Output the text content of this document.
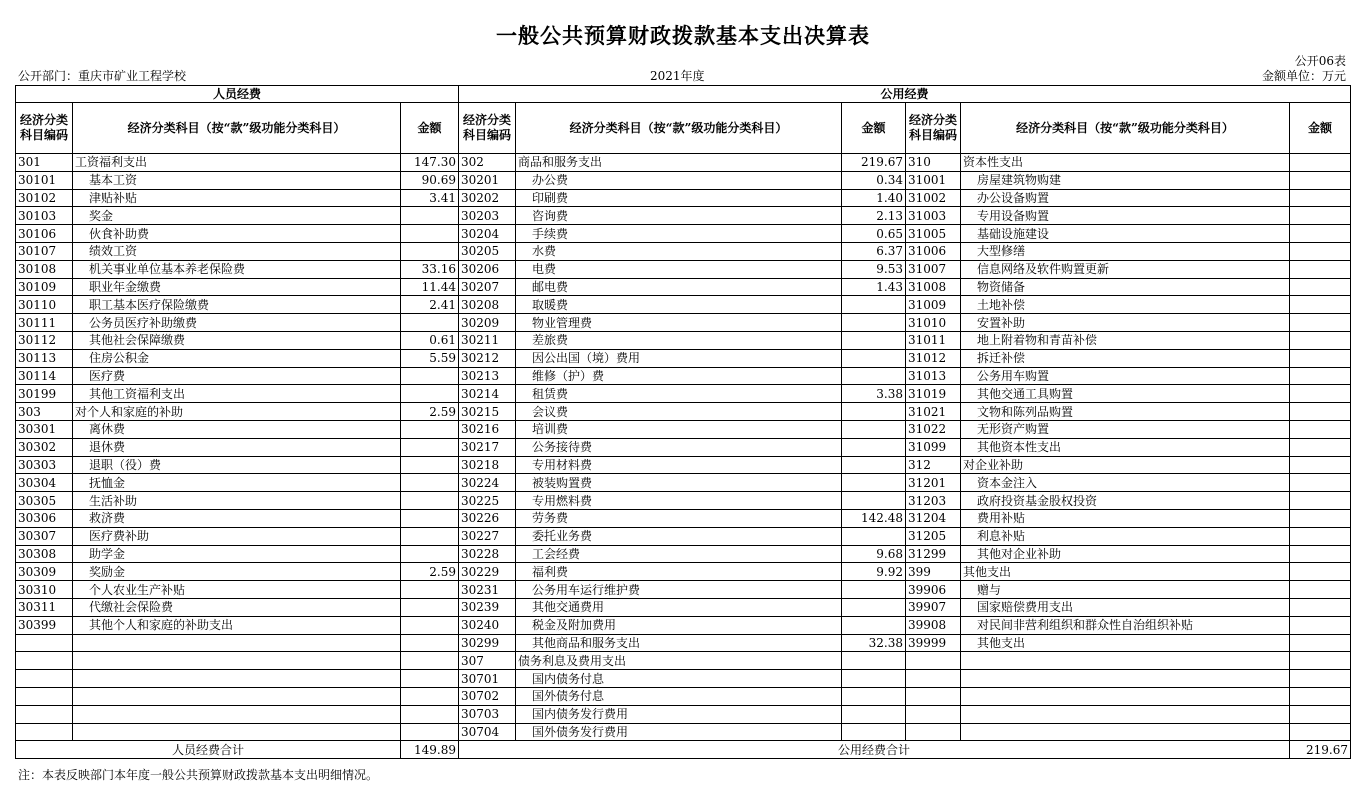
一般公共预算财政拨款基本支出决算表
公开06表
公开部门：重庆市矿业工程学校	2021年度	金额单位：万元
人员经费			公用经费					
经济分类科目编码	经济分类科目（按“款”级功能分类科目）	金额	经济分类科目编码	经济分类科目（按“款”级功能分类科目）	金额	经济分类科目编码	经济分类科目（按“款”级功能分类科目）	金额
301	工资福利支出	147.30	302	商品和服务支出	219.67	310	资本性支出	
30101	基本工资	90.69	30201	办公费	0.34	31001	房屋建筑物购建	
30102	津贴补贴	3.41	30202	印刷费	1.40	31002	办公设备购置	
30103	奖金		30203	咨询费	2.13	31003	专用设备购置	
30106	伙食补助费		30204	手续费	0.65	31005	基础设施建设	
30107	绩效工资		30205	水费	6.37	31006	大型修缮	
30108	机关事业单位基本养老保险费	33.16	30206	电费	9.53	31007	信息网络及软件购置更新	
30109	职业年金缴费	11.44	30207	邮电费	1.43	31008	物资储备	
30110	职工基本医疗保险缴费	2.41	30208	取暖费		31009	土地补偿	
30111	公务员医疗补助缴费		30209	物业管理费		31010	安置补助	
30112	其他社会保障缴费	0.61	30211	差旅费		31011	地上附着物和青苗补偿	
30113	住房公积金	5.59	30212	因公出国（境）费用		31012	拆迁补偿	
30114	医疗费		30213	维修（护）费		31013	公务用车购置	
30199	其他工资福利支出		30214	租赁费	3.38	31019	其他交通工具购置	
303	对个人和家庭的补助	2.59	30215	会议费		31021	文物和陈列品购置	
30301	离休费		30216	培训费		31022	无形资产购置	
30302	退休费		30217	公务接待费		31099	其他资本性支出	
30303	退职（役）费		30218	专用材料费		312	对企业补助	
30304	抚恤金		30224	被装购置费		31201	资本金注入	
30305	生活补助		30225	专用燃料费		31203	政府投资基金股权投资	
30306	救济费		30226	劳务费	142.48	31204	费用补贴	
30307	医疗费补助		30227	委托业务费		31205	利息补贴	
30308	助学金		30228	工会经费	9.68	31299	其他对企业补助	
30309	奖励金	2.59	30229	福利费	9.92	399	其他支出	
30310	个人农业生产补贴		30231	公务用车运行维护费		39906	赠与	
30311	代缴社会保险费		30239	其他交通费用		39907	国家赔偿费用支出	
30399	其他个人和家庭的补助支出		30240	税金及附加费用		39908	对民间非营利组织和群众性自治组织补贴	
			30299	其他商品和服务支出	32.38	39999	其他支出	
			307	债务利息及费用支出				
			30701	国内债务付息				
			30702	国外债务付息				
			30703	国内债务发行费用				
			30704	国外债务发行费用				
人员经费合计		149.89	公用经费合计					219.67
注：本表反映部门本年度一般公共预算财政拨款基本支出明细情况。
